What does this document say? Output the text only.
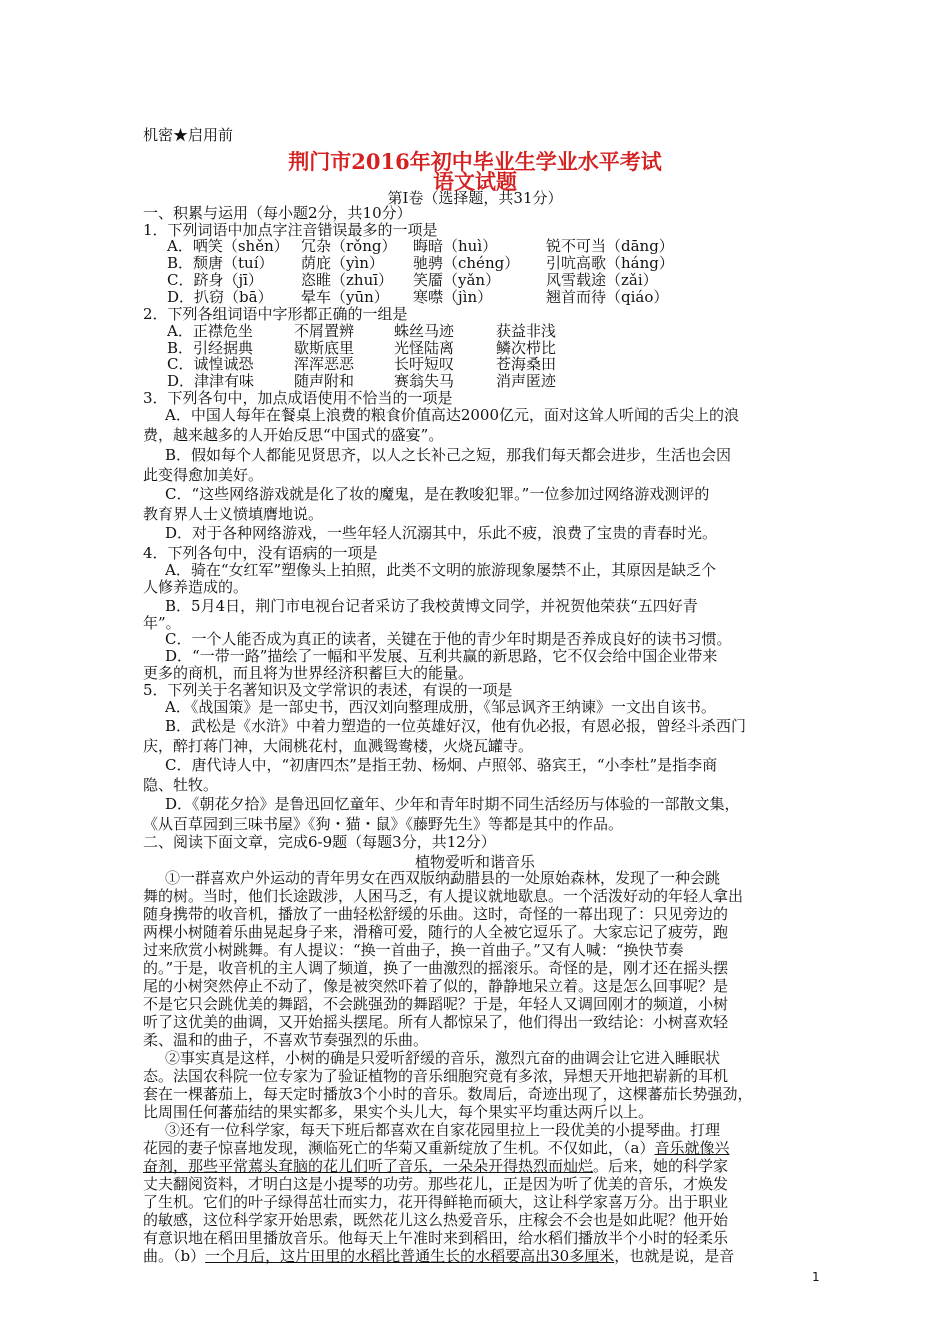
机密★启用前
荆门市2016年初中毕业生学业水平考试
语文试题
第Ⅰ卷（选择题，共31分）
一、积累与运用（每小题2分，共10分）
1．下列词语中加点字注音错误最多的一项是
A．哂笑（shěn） 冗杂（rǒng） 晦暗（huì）	锐不可当（dāng）
B．颓唐（tuí） 荫庇（yìn） 驰骋（chéng） 引吭高歌（háng）
C．跻身（jī）	恣睢（zhuī） 笑靥（yǎn）	风雪载途（zǎi）
D．扒窃（bā） 晕车（yūn） 寒噤（jìn）	翘首而待（qiáo）
2．下列各组词语中字形都正确的一组是
A．正襟危坐	不屑置辨	蛛丝马迹	获益非浅
B．引经据典	歇斯底里	光怪陆离	鳞次栉比
C．诚惶诚恐	浑浑恶恶	长吁短叹	苍海桑田
D．津津有味	随声附和	赛翁失马	消声匿迹
3．下列各句中，加点成语使用不恰当的一项是
A．中国人每年在餐桌上浪费的粮食价值高达2000亿元，面对这耸人听闻的舌尖上的浪
费，越来越多的人开始反思“中国式的盛宴”。
B．假如每个人都能见贤思齐，以人之长补己之短，那我们每天都会进步，生活也会因
此变得愈加美好。
C．“这些网络游戏就是化了妆的魔鬼，是在教唆犯罪。”一位参加过网络游戏测评的
教育界人士义愤填膺地说。
D．对于各种网络游戏，一些年轻人沉溺其中，乐此不疲，浪费了宝贵的青春时光。
4．下列各句中，没有语病的一项是
A．骑在“女红军”塑像头上拍照，此类不文明的旅游现象屡禁不止，其原因是缺乏个
人修养造成的。
B．5月4日，荆门市电视台记者采访了我校黄博文同学，并祝贺他荣获“五四好青
年”。
C．一个人能否成为真正的读者，关键在于他的青少年时期是否养成良好的读书习惯。
D．“一带一路”描绘了一幅和平发展、互利共赢的新思路，它不仅会给中国企业带来
更多的商机，而且将为世界经济积蓄巨大的能量。
5．下列关于名著知识及文学常识的表述，有误的一项是
A．《战国策》是一部史书，西汉刘向整理成册，《邹忌讽齐王纳谏》一文出自该书。
B．武松是《水浒》中着力塑造的一位英雄好汉，他有仇必报，有恩必报，曾经斗杀西门
庆，醉打蒋门神，大闹桃花村，血溅鸳鸯楼，火烧瓦罐寺。
C．唐代诗人中，“初唐四杰”是指王勃、杨炯、卢照邻、骆宾王，“小李杜”是指李商
隐、牡牧。
D．《朝花夕拾》是鲁迅回忆童年、少年和青年时期不同生活经历与体验的一部散文集，
《从百草园到三味书屋》《狗・猫・鼠》《藤野先生》等都是其中的作品。
二、阅读下面文章，完成6-9题（每题3分，共12分）
植物爱听和谐音乐
①一群喜欢户外运动的青年男女在西双版纳勐腊县的一处原始森林，发现了一种会跳
舞的树。当时，他们长途跋涉，人困马乏，有人提议就地歇息。一个活泼好动的年轻人拿出
随身携带的收音机，播放了一曲轻松舒缓的乐曲。这时，奇怪的一幕出现了：只见旁边的
两棵小树随着乐曲晃起身子来，滑稽可爱，随行的人全被它逗乐了。大家忘记了疲劳，跑
过来欣赏小树跳舞。有人提议：“换一首曲子，换一首曲子。”又有人喊：“换快节奏
的。”于是，收音机的主人调了频道，换了一曲激烈的摇滚乐。奇怪的是，刚才还在摇头摆
尾的小树突然停止不动了，像是被突然吓着了似的，静静地呆立着。这是怎么回事呢？是
不是它只会跳优美的舞蹈，不会跳强劲的舞蹈呢？于是，年轻人又调回刚才的频道，小树
听了这优美的曲调，又开始摇头摆尾。所有人都惊呆了，他们得出一致结论：小树喜欢轻
柔、温和的曲子，不喜欢节奏强烈的乐曲。
②事实真是这样，小树的确是只爱听舒缓的音乐，激烈亢奋的曲调会让它进入睡眠状
态。法国农科院一位专家为了验证植物的音乐细胞究竟有多浓，异想天开地把崭新的耳机
套在一棵蕃茄上，每天定时播放3个小时的音乐。数周后，奇迹出现了，这棵蕃茄长势强劲，
比周围任何蕃茄结的果实都多，果实个头儿大，每个果实平均重达两斤以上。
③还有一位科学家，每天下班后都喜欢在自家花园里拉上一段优美的小提琴曲。打理
花园的妻子惊喜地发现，濒临死亡的华菊又重新绽放了生机。不仅如此，（a）音乐就像兴
奋剂，那些平常蔫头耷脑的花儿们听了音乐，一朵朵开得热烈而灿烂。后来，她的科学家
丈夫翻阅资料，才明白这是小提琴的功劳。那些花儿，正是因为听了优美的音乐，才焕发
了生机。它们的叶子绿得茁壮而实力，花开得鲜艳而硕大，这让科学家喜万分。出于职业
的敏感，这位科学家开始思索，既然花儿这么热爱音乐，庄稼会不会也是如此呢？他开始
有意识地在稻田里播放音乐。他每天上午准时来到稻田，给水稻们播放半个小时的轻柔乐
曲。（b）一个月后，这片田里的水稻比普通生长的水稻要高出30多厘米，也就是说，是音
1
